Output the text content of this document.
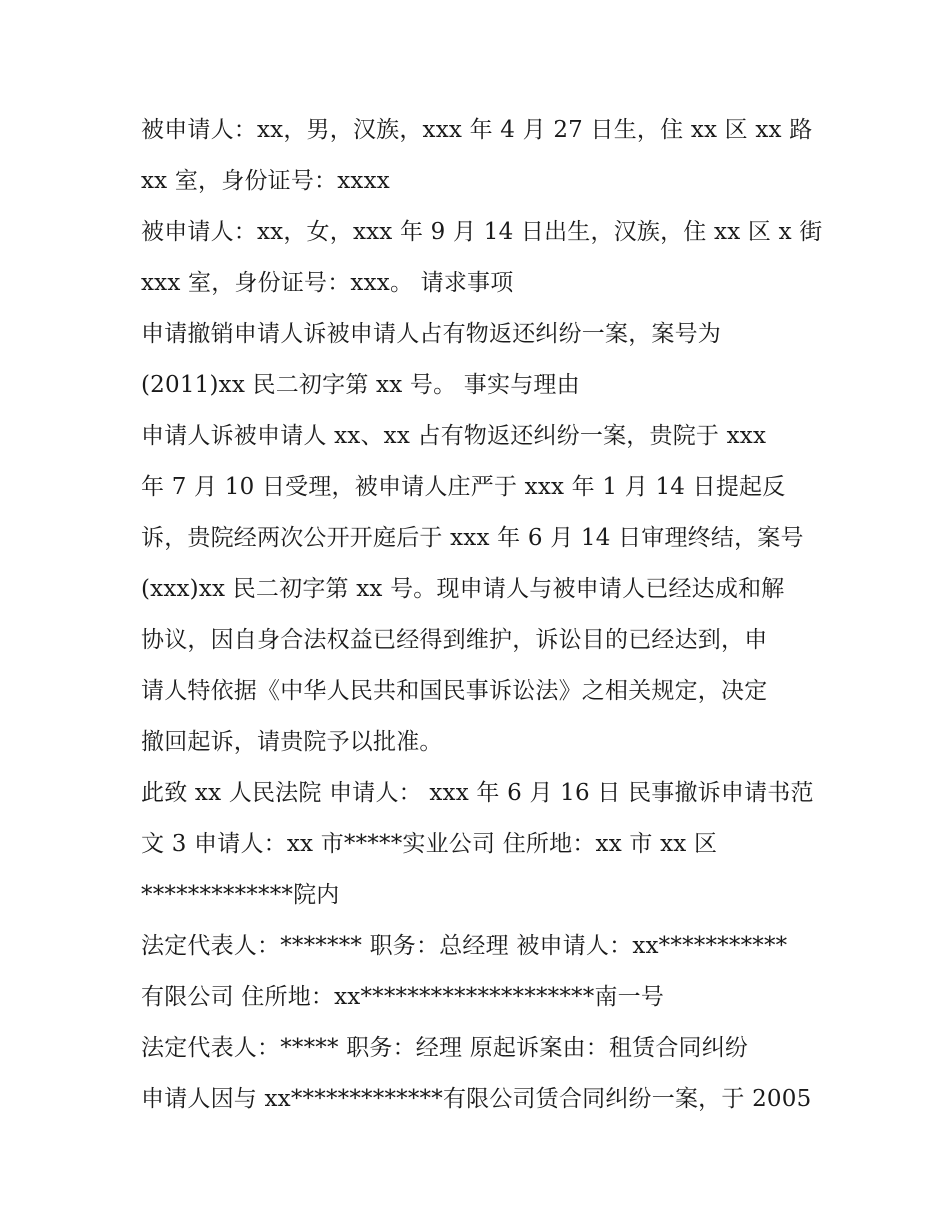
被申请人：xx，男，汉族，xxx 年 4 月 27 日生，住 xx 区 xx 路
xx 室，身份证号：xxxx
被申请人：xx，女，xxx 年 9 月 14 日出生，汉族，住 xx 区 x 街
xxx 室，身份证号：xxx。 请求事项
申请撤销申请人诉被申请人占有物返还纠纷一案，案号为
(2011)xx 民二初字第 xx 号。 事实与理由
申请人诉被申请人 xx、xx 占有物返还纠纷一案，贵院于 xxx
年 7 月 10 日受理，被申请人庄严于 xxx 年 1 月 14 日提起反
诉，贵院经两次公开开庭后于 xxx 年 6 月 14 日审理终结，案号
(xxx)xx 民二初字第 xx 号。现申请人与被申请人已经达成和解
协议，因自身合法权益已经得到维护，诉讼目的已经达到，申
请人特依据《中华人民共和国民事诉讼法》之相关规定，决定
撤回起诉，请贵院予以批准。
此致 xx 人民法院 申请人： xxx 年 6 月 16 日 民事撤诉申请书范
文 3 申请人：xx 市*****实业公司 住所地：xx 市 xx 区
*************院内
法定代表人：******* 职务：总经理 被申请人：xx***********
有限公司 住所地：xx********************南一号
法定代表人：***** 职务：经理 原起诉案由：租赁合同纠纷
申请人因与 xx*************有限公司赁合同纠纷一案，于 2005
